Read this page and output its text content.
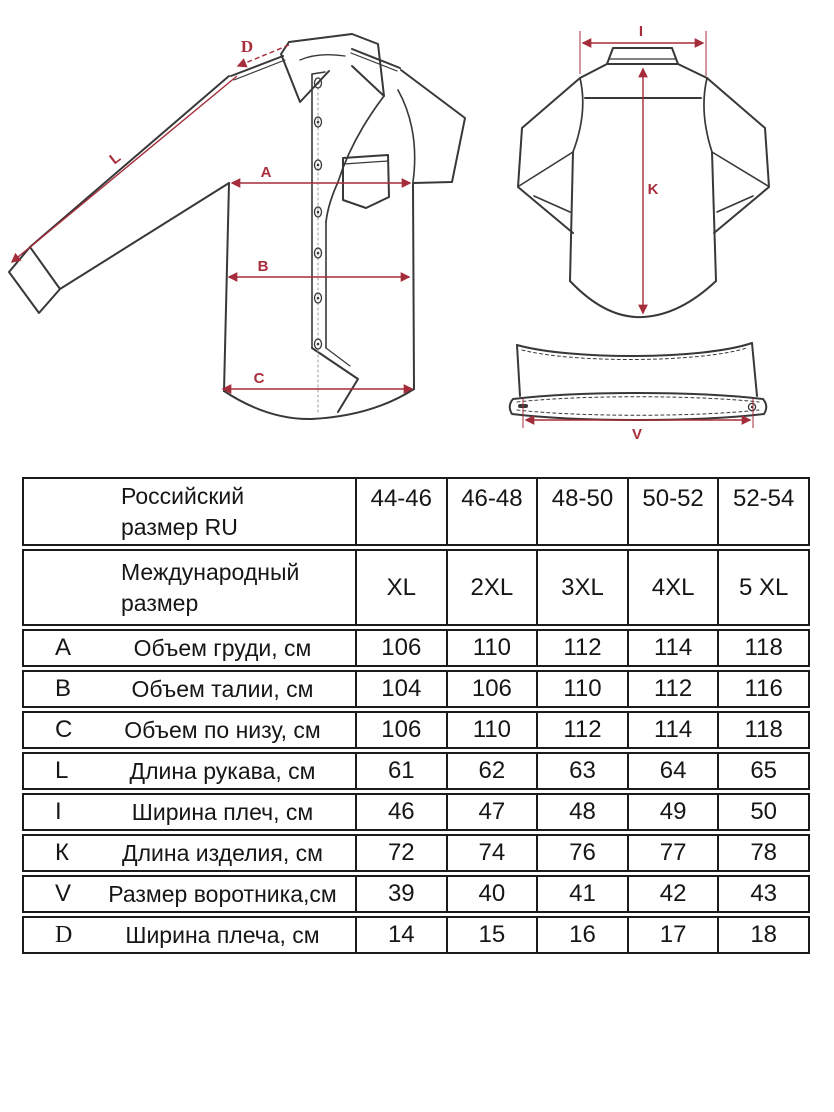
D
L
A
B
C
I
K
V
Российский
размер RU
44-46	46-48	48-50	50-52	52-54
Международный
размер
XL	2XL	3XL	4XL	5 XL
A	Объем груди, см	106	110	112	114	118
B	Объем талии, см	104	106	110	112	116
C	Объем по низу, см	106	110	112	114	118
L	Длина рукава, см	61	62	63	64	65
I	Ширина плеч, см	46	47	48	49	50
К	Длина изделия, см	72	74	76	77	78
V	Размер воротника,см	39	40	41	42	43
D	Ширина плеча, см	14	15	16	17	18
